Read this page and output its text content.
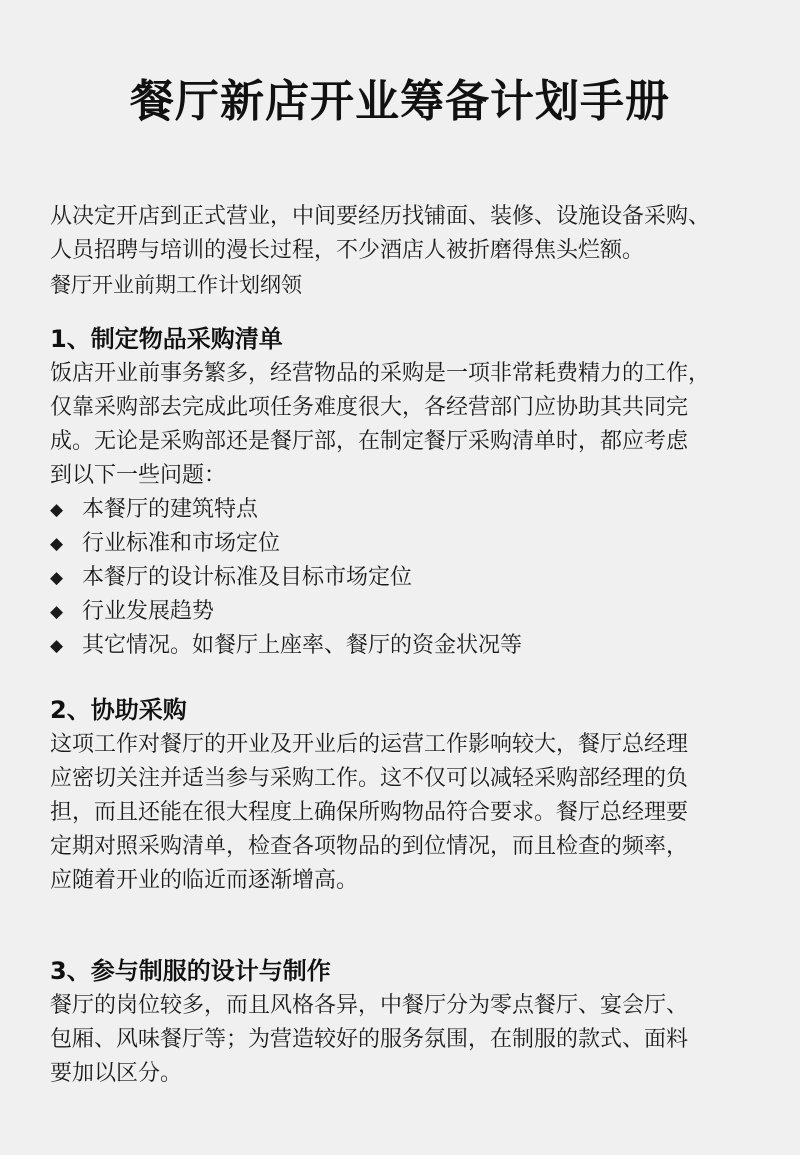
餐厅新店开业筹备计划手册
从决定开店到正式营业，中间要经历找铺面、装修、设施设备采购、
人员招聘与培训的漫长过程，不少酒店人被折磨得焦头烂额。
餐厅开业前期工作计划纲领
1、制定物品采购清单
饭店开业前事务繁多，经营物品的采购是一项非常耗费精力的工作，
仅靠采购部去完成此项任务难度很大，各经营部门应协助其共同完
成。无论是采购部还是餐厅部，在制定餐厅采购清单时，都应考虑
到以下一些问题：
◆ 本餐厅的建筑特点
◆ 行业标准和市场定位
◆ 本餐厅的设计标准及目标市场定位
◆ 行业发展趋势
◆ 其它情况。如餐厅上座率、餐厅的资金状况等
2、协助采购
这项工作对餐厅的开业及开业后的运营工作影响较大，餐厅总经理
应密切关注并适当参与采购工作。这不仅可以减轻采购部经理的负
担，而且还能在很大程度上确保所购物品符合要求。餐厅总经理要
定期对照采购清单，检查各项物品的到位情况，而且检查的频率，
应随着开业的临近而逐渐增高。
3、参与制服的设计与制作
餐厅的岗位较多，而且风格各异，中餐厅分为零点餐厅、宴会厅、
包厢、风味餐厅等；为营造较好的服务氛围，在制服的款式、面料
要加以区分。
